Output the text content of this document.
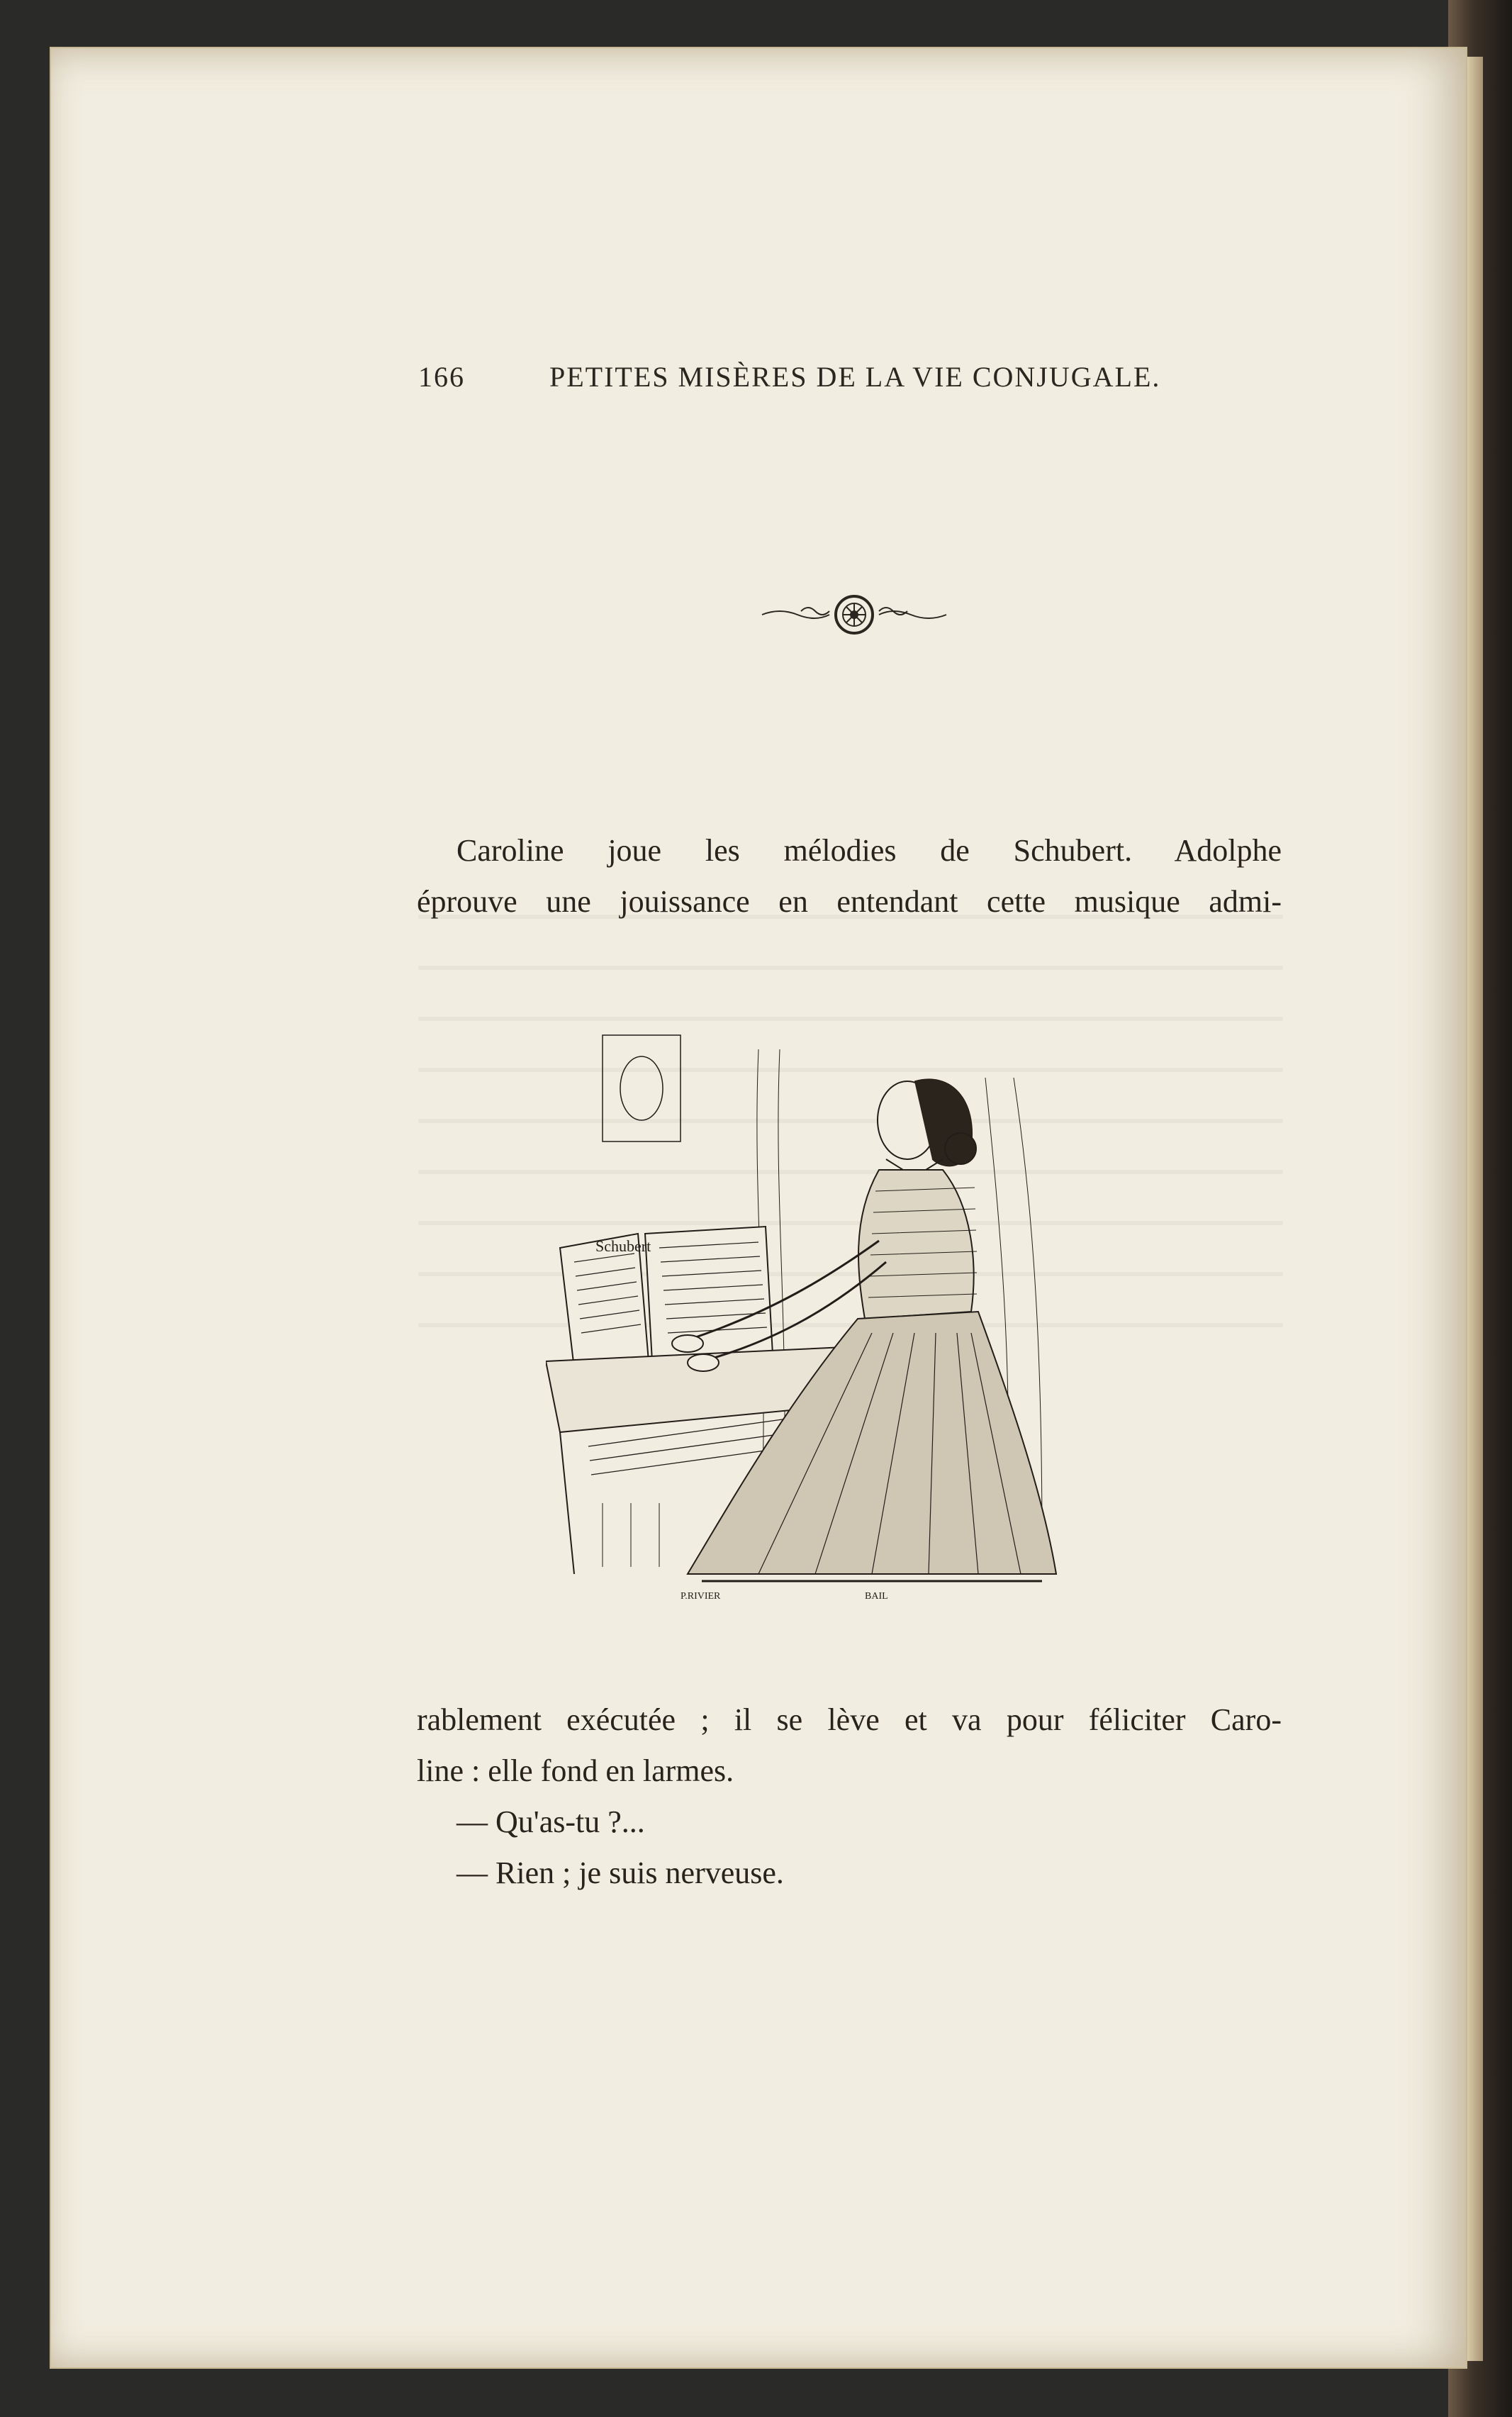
166	PETITES MISÈRES DE LA VIE CONJUGALE.
Caroline joue les mélodies de Schubert. Adolphe
éprouve une jouissance en entendant cette musique admi-
Schubert
P.RIVIER	BAIL
rablement exécutée ; il se lève et va pour féliciter Caro-
line : elle fond en larmes.
— Qu'as-tu ?...
— Rien ; je suis nerveuse.
